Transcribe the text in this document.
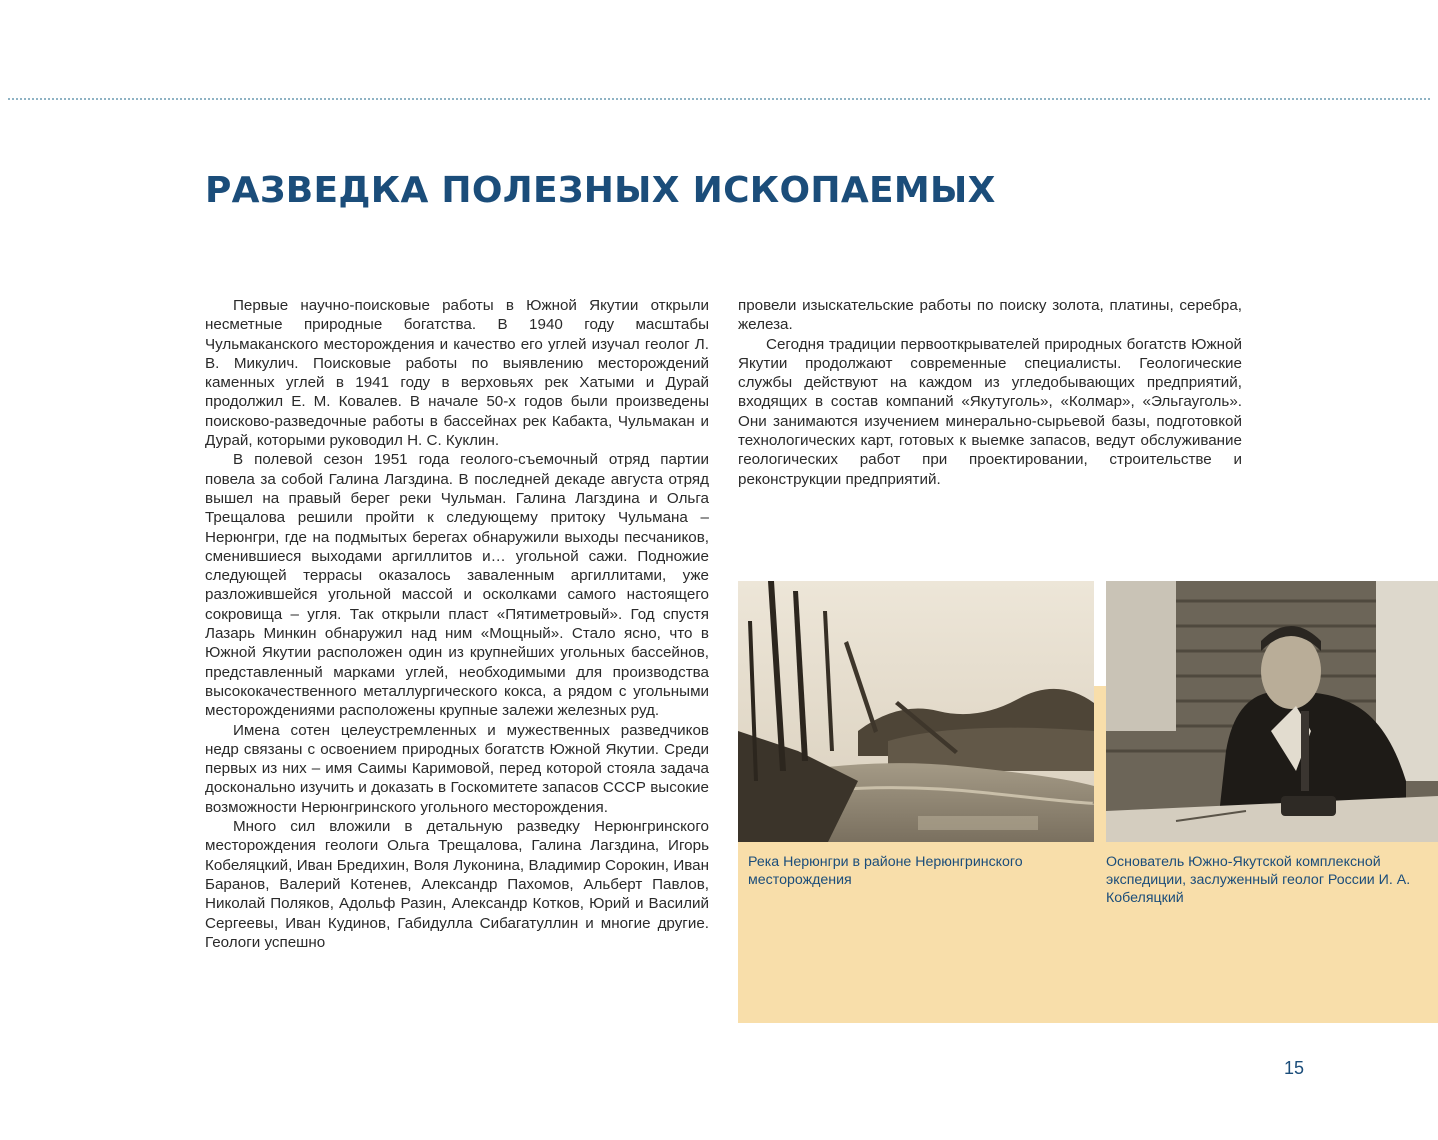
РАЗВЕДКА ПОЛЕЗНЫХ ИСКОПАЕМЫХ

Первые научно-поисковые работы в Южной Якутии открыли несметные природные богатства. В 1940 году масштабы Чульмаканского месторождения и качество его углей изучал геолог Л. В. Микулич. Поисковые работы по выявлению месторождений каменных углей в 1941 году в верховьях рек Хатыми и Дурай продолжил Е. М. Ковалев. В начале 50-х годов были произведены поисково-разведочные работы в бассейнах рек Кабакта, Чульмакан и Дурай, которыми руководил Н. С. Куклин.

В полевой сезон 1951 года геолого-съемочный отряд партии повела за собой Галина Лагздина. В последней декаде августа отряд вышел на правый берег реки Чульман. Галина Лагздина и Ольга Трещалова решили пройти к следующему притоку Чульмана – Нерюнгри, где на подмытых берегах обнаружили выходы песчаников, сменившиеся выходами аргиллитов и… угольной сажи. Подножие следующей террасы оказалось заваленным аргиллитами, уже разложившейся угольной массой и осколками самого настоящего сокровища – угля. Так открыли пласт «Пятиметровый». Год спустя Лазарь Минкин обнаружил над ним «Мощный». Стало ясно, что в Южной Якутии расположен один из крупнейших угольных бассейнов, представленный марками углей, необходимыми для производства высококачественного металлургического кокса, а рядом с угольными месторождениями расположены крупные залежи железных руд.

Имена сотен целеустремленных и мужественных разведчиков недр связаны с освоением природных богатств Южной Якутии. Среди первых из них – имя Саимы Каримовой, перед которой стояла задача досконально изучить и доказать в Госкомитете запасов СССР высокие возможности Нерюнгринского угольного месторождения.

Много сил вложили в детальную разведку Нерюнгринского месторождения геологи Ольга Трещалова, Галина Лагздина, Игорь Кобеляцкий, Иван Бредихин, Воля Луконина, Владимир Сорокин, Иван Баранов, Валерий Котенев, Александр Пахомов, Альберт Павлов, Николай Поляков, Адольф Разин, Александр Котков, Юрий и Василий Сергеевы, Иван Кудинов, Габидулла Сибагатуллин и многие другие. Геологи успешно

провели изыскательские работы по поиску золота, платины, серебра, железа.

Сегодня традиции первооткрывателей природных богатств Южной Якутии продолжают современные специалисты. Геологические службы действуют на каждом из угледобывающих предприятий, входящих в состав компаний «Якутуголь», «Колмар», «Эльгауголь». Они занимаются изучением минерально-сырьевой базы, подготовкой технологических карт, готовых к выемке запасов, ведут обслуживание геологических работ при проектировании, строительстве и реконструкции предприятий.

Река Нерюнгри в районе Нерюнгринского месторождения

Основатель Южно-Якутской комплексной экспедиции, заслуженный геолог России И. А. Кобеляцкий

15
